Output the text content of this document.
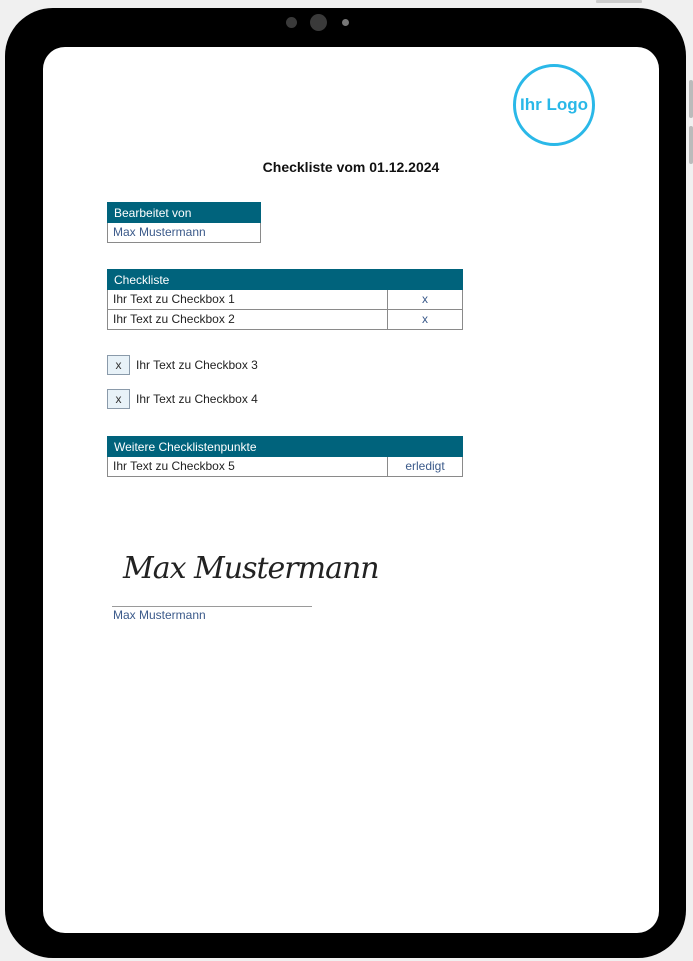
Ihr Logo
Checkliste vom 01.12.2024
Bearbeitet von
Max Mustermann
Checkliste
Ihr Text zu Checkbox 1	x
Ihr Text zu Checkbox 2	x
x	Ihr Text zu Checkbox 3
x	Ihr Text zu Checkbox 4
Weitere Checklistenpunkte
Ihr Text zu Checkbox 5	erledigt
Max Mustermann
Max Mustermann
